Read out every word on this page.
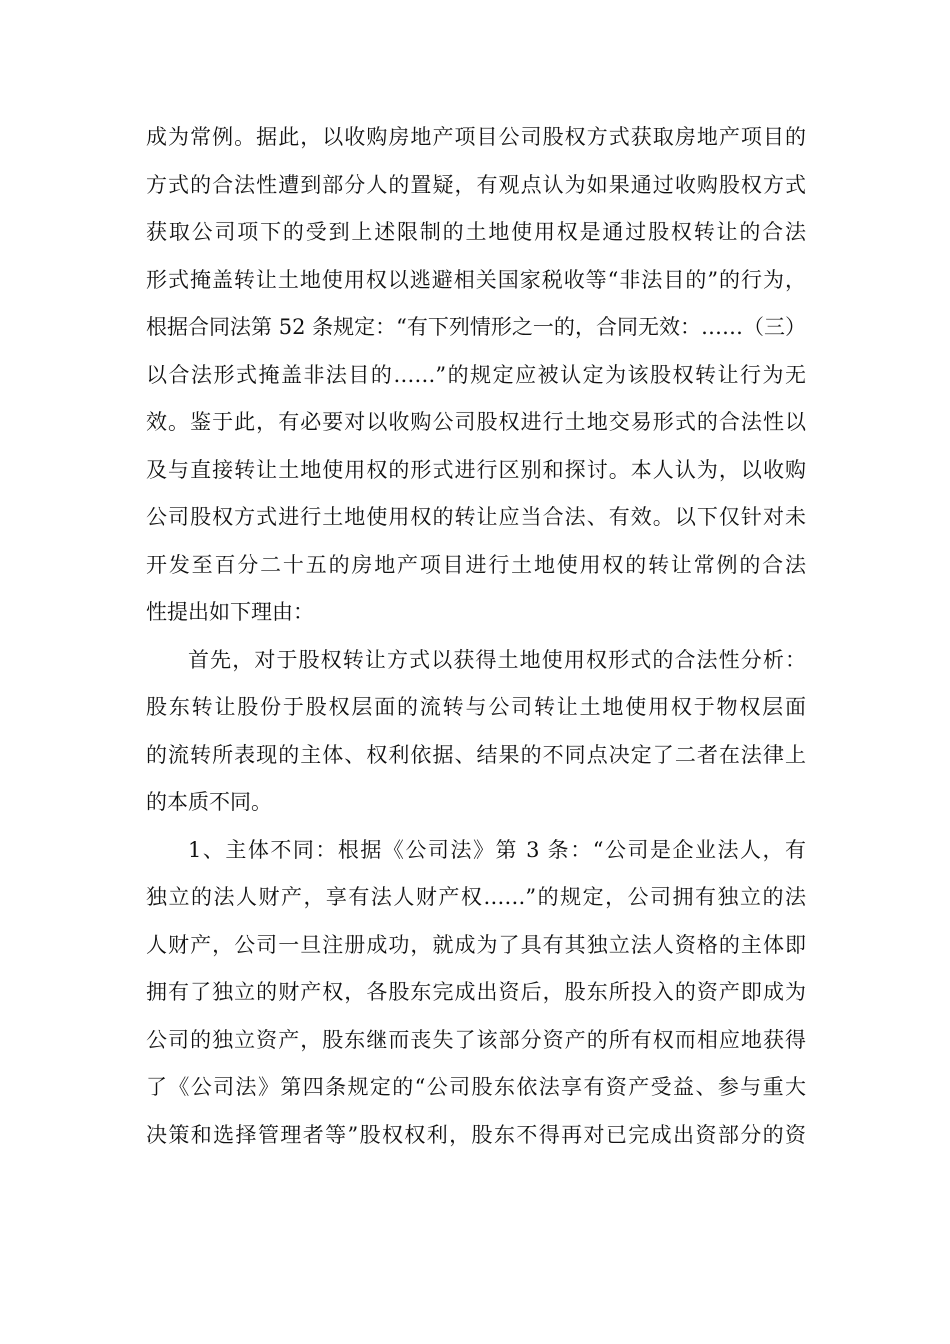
成为常例。据此，以收购房地产项目公司股权方式获取房地产项目的
方式的合法性遭到部分人的置疑，有观点认为如果通过收购股权方式
获取公司项下的受到上述限制的土地使用权是通过股权转让的合法
形式掩盖转让土地使用权以逃避相关国家税收等“非法目的”的行为，
根据合同法第 52 条规定：“有下列情形之一的，合同无效：……（三）
以合法形式掩盖非法目的……”的规定应被认定为该股权转让行为无
效。鉴于此，有必要对以收购公司股权进行土地交易形式的合法性以
及与直接转让土地使用权的形式进行区别和探讨。本人认为，以收购
公司股权方式进行土地使用权的转让应当合法、有效。以下仅针对未
开发至百分二十五的房地产项目进行土地使用权的转让常例的合法
性提出如下理由：
首先，对于股权转让方式以获得土地使用权形式的合法性分析：
股东转让股份于股权层面的流转与公司转让土地使用权于物权层面
的流转所表现的主体、权利依据、结果的不同点决定了二者在法律上
的本质不同。
1、主体不同：根据《公司法》第 3 条：“公司是企业法人，有
独立的法人财产，享有法人财产权……”的规定，公司拥有独立的法
人财产，公司一旦注册成功，就成为了具有其独立法人资格的主体即
拥有了独立的财产权，各股东完成出资后，股东所投入的资产即成为
公司的独立资产，股东继而丧失了该部分资产的所有权而相应地获得
了《公司法》第四条规定的“公司股东依法享有资产受益、参与重大
决策和选择管理者等”股权权利，股东不得再对已完成出资部分的资
